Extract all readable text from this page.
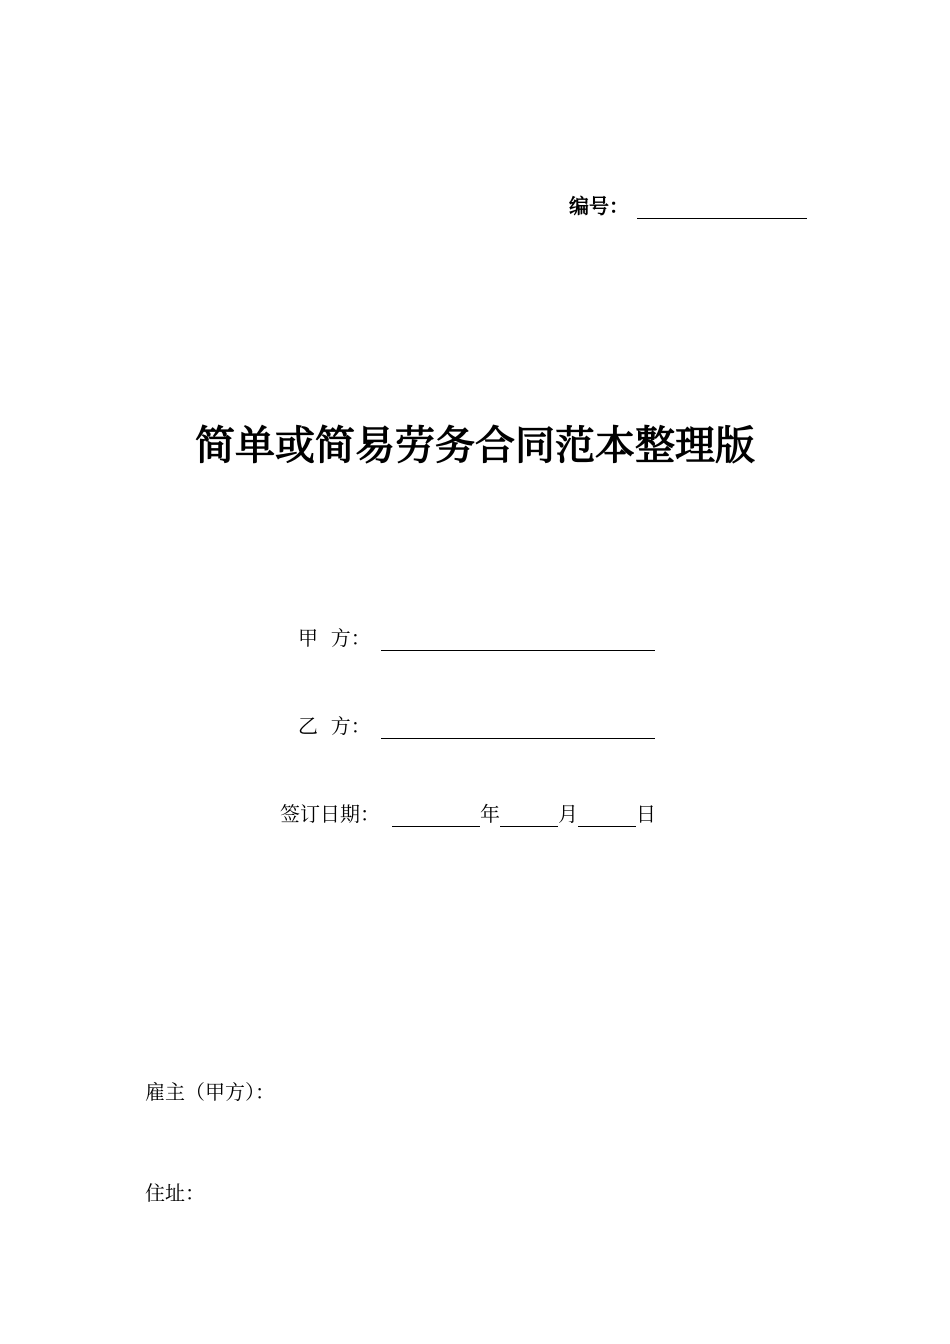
编号：
简单或简易劳务合同范本整理版
甲  方：
乙  方：
签订日期：	年	月	日
雇主（甲方）：
住址：
